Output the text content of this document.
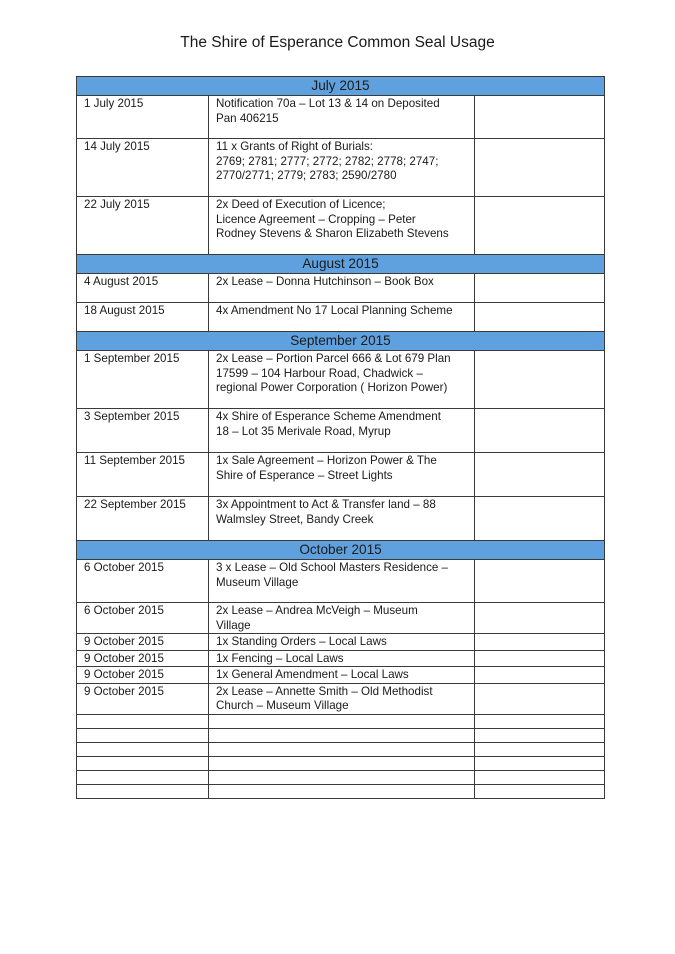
The Shire of Esperance Common Seal Usage
July 2015		
1 July 2015	Notification 70a – Lot 13 & 14 on Deposited
Pan 406215	
14 July 2015	11 x Grants of Right of Burials:
2769; 2781; 2777; 2772; 2782; 2778; 2747;
2770/2771; 2779; 2783; 2590/2780	
22 July 2015	2x Deed of Execution of Licence;
Licence Agreement – Cropping – Peter
Rodney Stevens & Sharon Elizabeth Stevens	
August 2015		
4 August 2015	2x Lease – Donna Hutchinson – Book Box	
18 August 2015	4x Amendment No 17 Local Planning Scheme	
September 2015		
1 September 2015	2x Lease – Portion Parcel 666 & Lot 679 Plan
17599 – 104 Harbour Road, Chadwick –
regional Power Corporation ( Horizon Power)	
3 September 2015	4x Shire of Esperance Scheme Amendment
18 – Lot 35 Merivale Road, Myrup	
11 September 2015	1x Sale Agreement – Horizon Power & The
Shire of Esperance – Street Lights	
22 September 2015	3x Appointment to Act & Transfer land – 88
Walmsley Street, Bandy Creek	
October 2015		
6 October 2015	3 x Lease – Old School Masters Residence –
Museum Village	
6 October 2015	2x Lease – Andrea McVeigh – Museum
Village	
9 October 2015	1x Standing Orders – Local Laws	
9 October 2015	1x Fencing – Local Laws	
9 October 2015	1x General Amendment – Local Laws	
9 October 2015	2x Lease – Annette Smith – Old Methodist
Church – Museum Village	
